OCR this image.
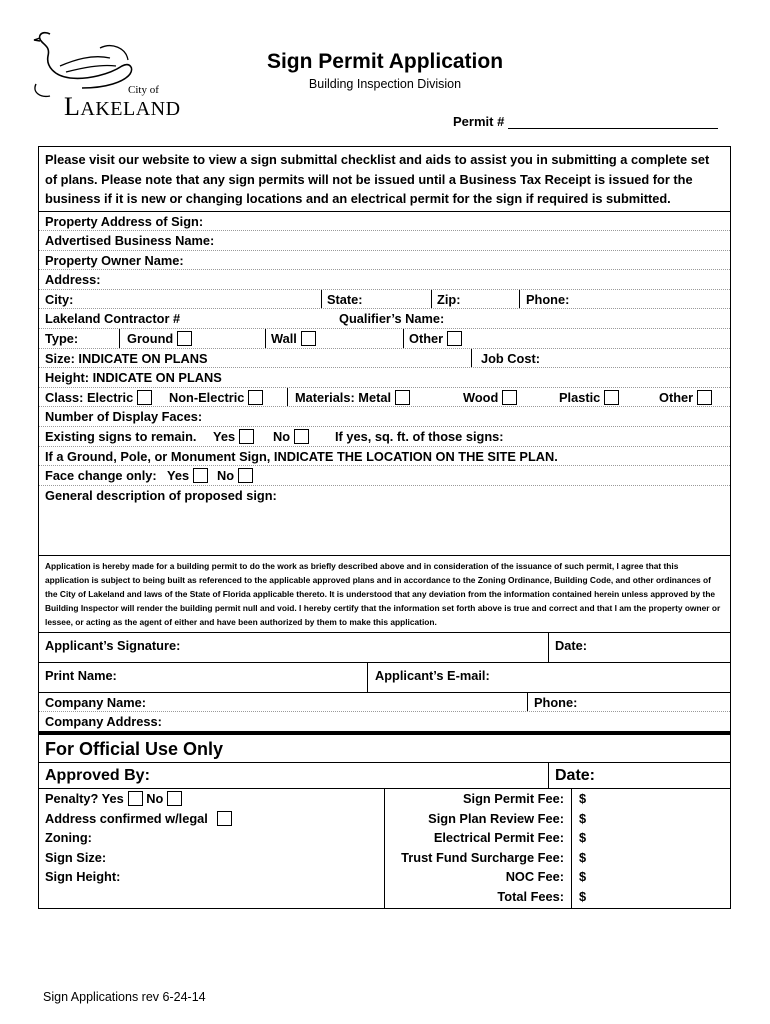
City of
LAKELAND
Sign Permit Application
Building Inspection Division
Permit #
Please visit our website to view a sign submittal checklist and aids to assist you in submitting a complete set of plans. Please note that any sign permits will not be issued until a Business Tax Receipt is issued for the business if it is new or changing locations and an electrical permit for the sign if required is submitted.
Property Address of Sign:
Advertised Business Name:
Property Owner Name:
Address:
City:	State:	Zip:	Phone:
Lakeland Contractor #	Qualifier’s Name:
Type:	Ground	Wall	Other
Size: INDICATE ON PLANS	Job Cost:
Height: INDICATE ON PLANS
Class: Electric	Non-Electric	Materials: Metal	Wood	Plastic	Other
Number of Display Faces:
Existing signs to remain. Yes	No	If yes, sq. ft. of those signs:
If a Ground, Pole, or Monument Sign, INDICATE THE LOCATION ON THE SITE PLAN.
Face change only: Yes	No
General description of proposed sign:
Application is hereby made for a building permit to do the work as briefly described above and in consideration of the issuance of such permit, I agree that this application is subject to being built as referenced to the applicable approved plans and in accordance to the Zoning Ordinance, Building Code, and other ordinances of the City of Lakeland and laws of the State of Florida applicable thereto. It is understood that any deviation from the information contained herein unless approved by the Building Inspector will render the building permit null and void. I hereby certify that the information set forth above is true and correct and that I am the property owner or lessee, or acting as the agent of either and have been authorized by them to make this application.
Applicant’s Signature:	Date:
Print Name:	Applicant’s E-mail:
Company Name:	Phone:
Company Address:
For Official Use Only
Approved By:	Date:
Penalty? Yes No	Sign Permit Fee: $
Address confirmed w/legal	Sign Plan Review Fee: $
Zoning:	Electrical Permit Fee: $
Sign Size:	Trust Fund Surcharge Fee: $
Sign Height:	NOC Fee: $
Total Fees: $
Sign Applications rev 6-24-14
